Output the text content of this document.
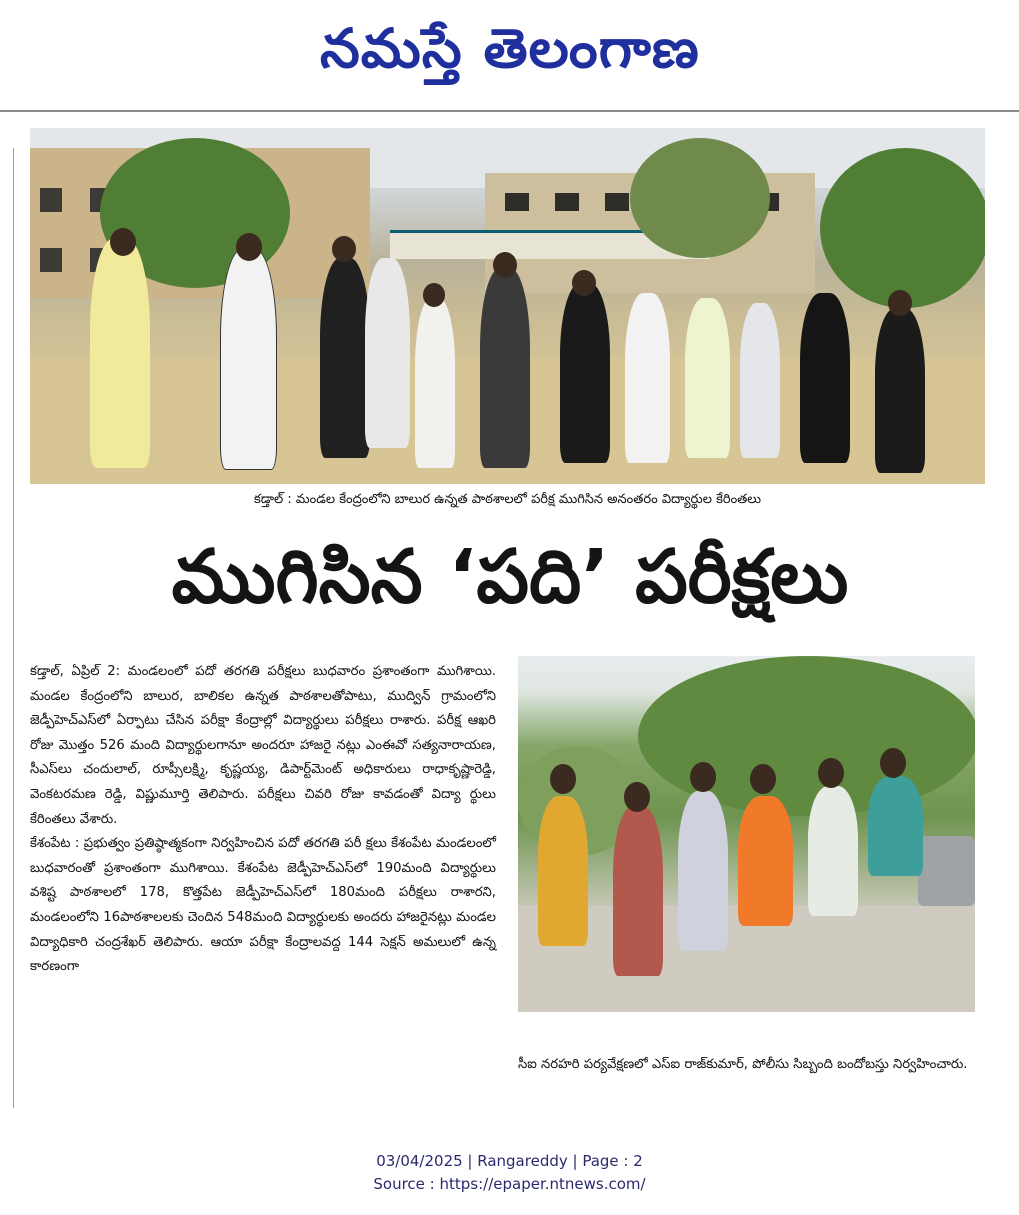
నమస్తే తెలంగాణ
కడ్తాల్ : మండల కేంద్రంలోని బాలుర ఉన్నత పాఠశాలలో పరీక్ష ముగిసిన అనంతరం విద్యార్థుల కేరింతలు
ముగిసిన ‘పది’ పరీక్షలు

కడ్తాల్, ఏప్రిల్ 2: మండలంలో పదో తరగతి పరీక్షలు బుధవారం ప్రశాంతంగా ముగిశాయి. మండల కేంద్రంలోని బాలుర, బాలికల ఉన్నత పాఠశాలతోపాటు, ముద్విన్ గ్రామంలోని జెడ్పీహెచ్ఎస్‌లో ఏర్పాటు చేసిన పరీక్షా కేంద్రాల్లో విద్యార్థులు పరీక్షలు రాశారు. పరీక్ష ఆఖరి రోజు మొత్తం 526 మంది విద్యార్థులగానూ అందరూ హాజరై నట్లు ఎంఈవో సత్యనారాయణ, సీఎస్‌లు చందులాల్, రూప్సీలక్ష్మి, కృష్ణయ్య, డిపార్ట్‌మెంట్ అధికారులు రాధాకృష్ణారెడ్డి, వెంకటరమణ రెడ్డి, విష్ణుమూర్తి తెలిపారు. పరీక్షలు చివరి రోజు కావడంతో విద్యా ర్థులు కేరింతలు వేశారు.

కేశంపేట : ప్రభుత్వం ప్రతిష్ఠాత్మకంగా నిర్వహించిన పదో తరగతి పరీ క్షలు కేశంపేట మండలంలో బుధవారంతో ప్రశాంతంగా ముగిశాయి. కేశంపేట జెడ్పీహెచ్ఎస్‌లో 190మంది విద్యార్థులు వశిష్ట పాఠశాలలో 178, కొత్తపేట జెడ్పీహెచ్ఎస్‌లో 180మంది పరీక్షలు రాశారని, మండలంలోని 16పాఠశాలలకు చెందిన 548మంది విద్యార్థులకు అందరు హాజరైనట్లు మండల విద్యాధికారి చంద్రశేఖర్ తెలిపారు. ఆయా పరీక్షా కేంద్రాలవద్ద 144 సెక్షన్ అమలులో ఉన్న కారణంగా

సీఐ నరహరి పర్యవేక్షణలో ఎస్ఐ రాజ్‌కుమార్, పోలీసు సిబ్బంది బందోబస్తు నిర్వహించారు.
03/04/2025 | Rangareddy | Page : 2
Source : https://epaper.ntnews.com/
